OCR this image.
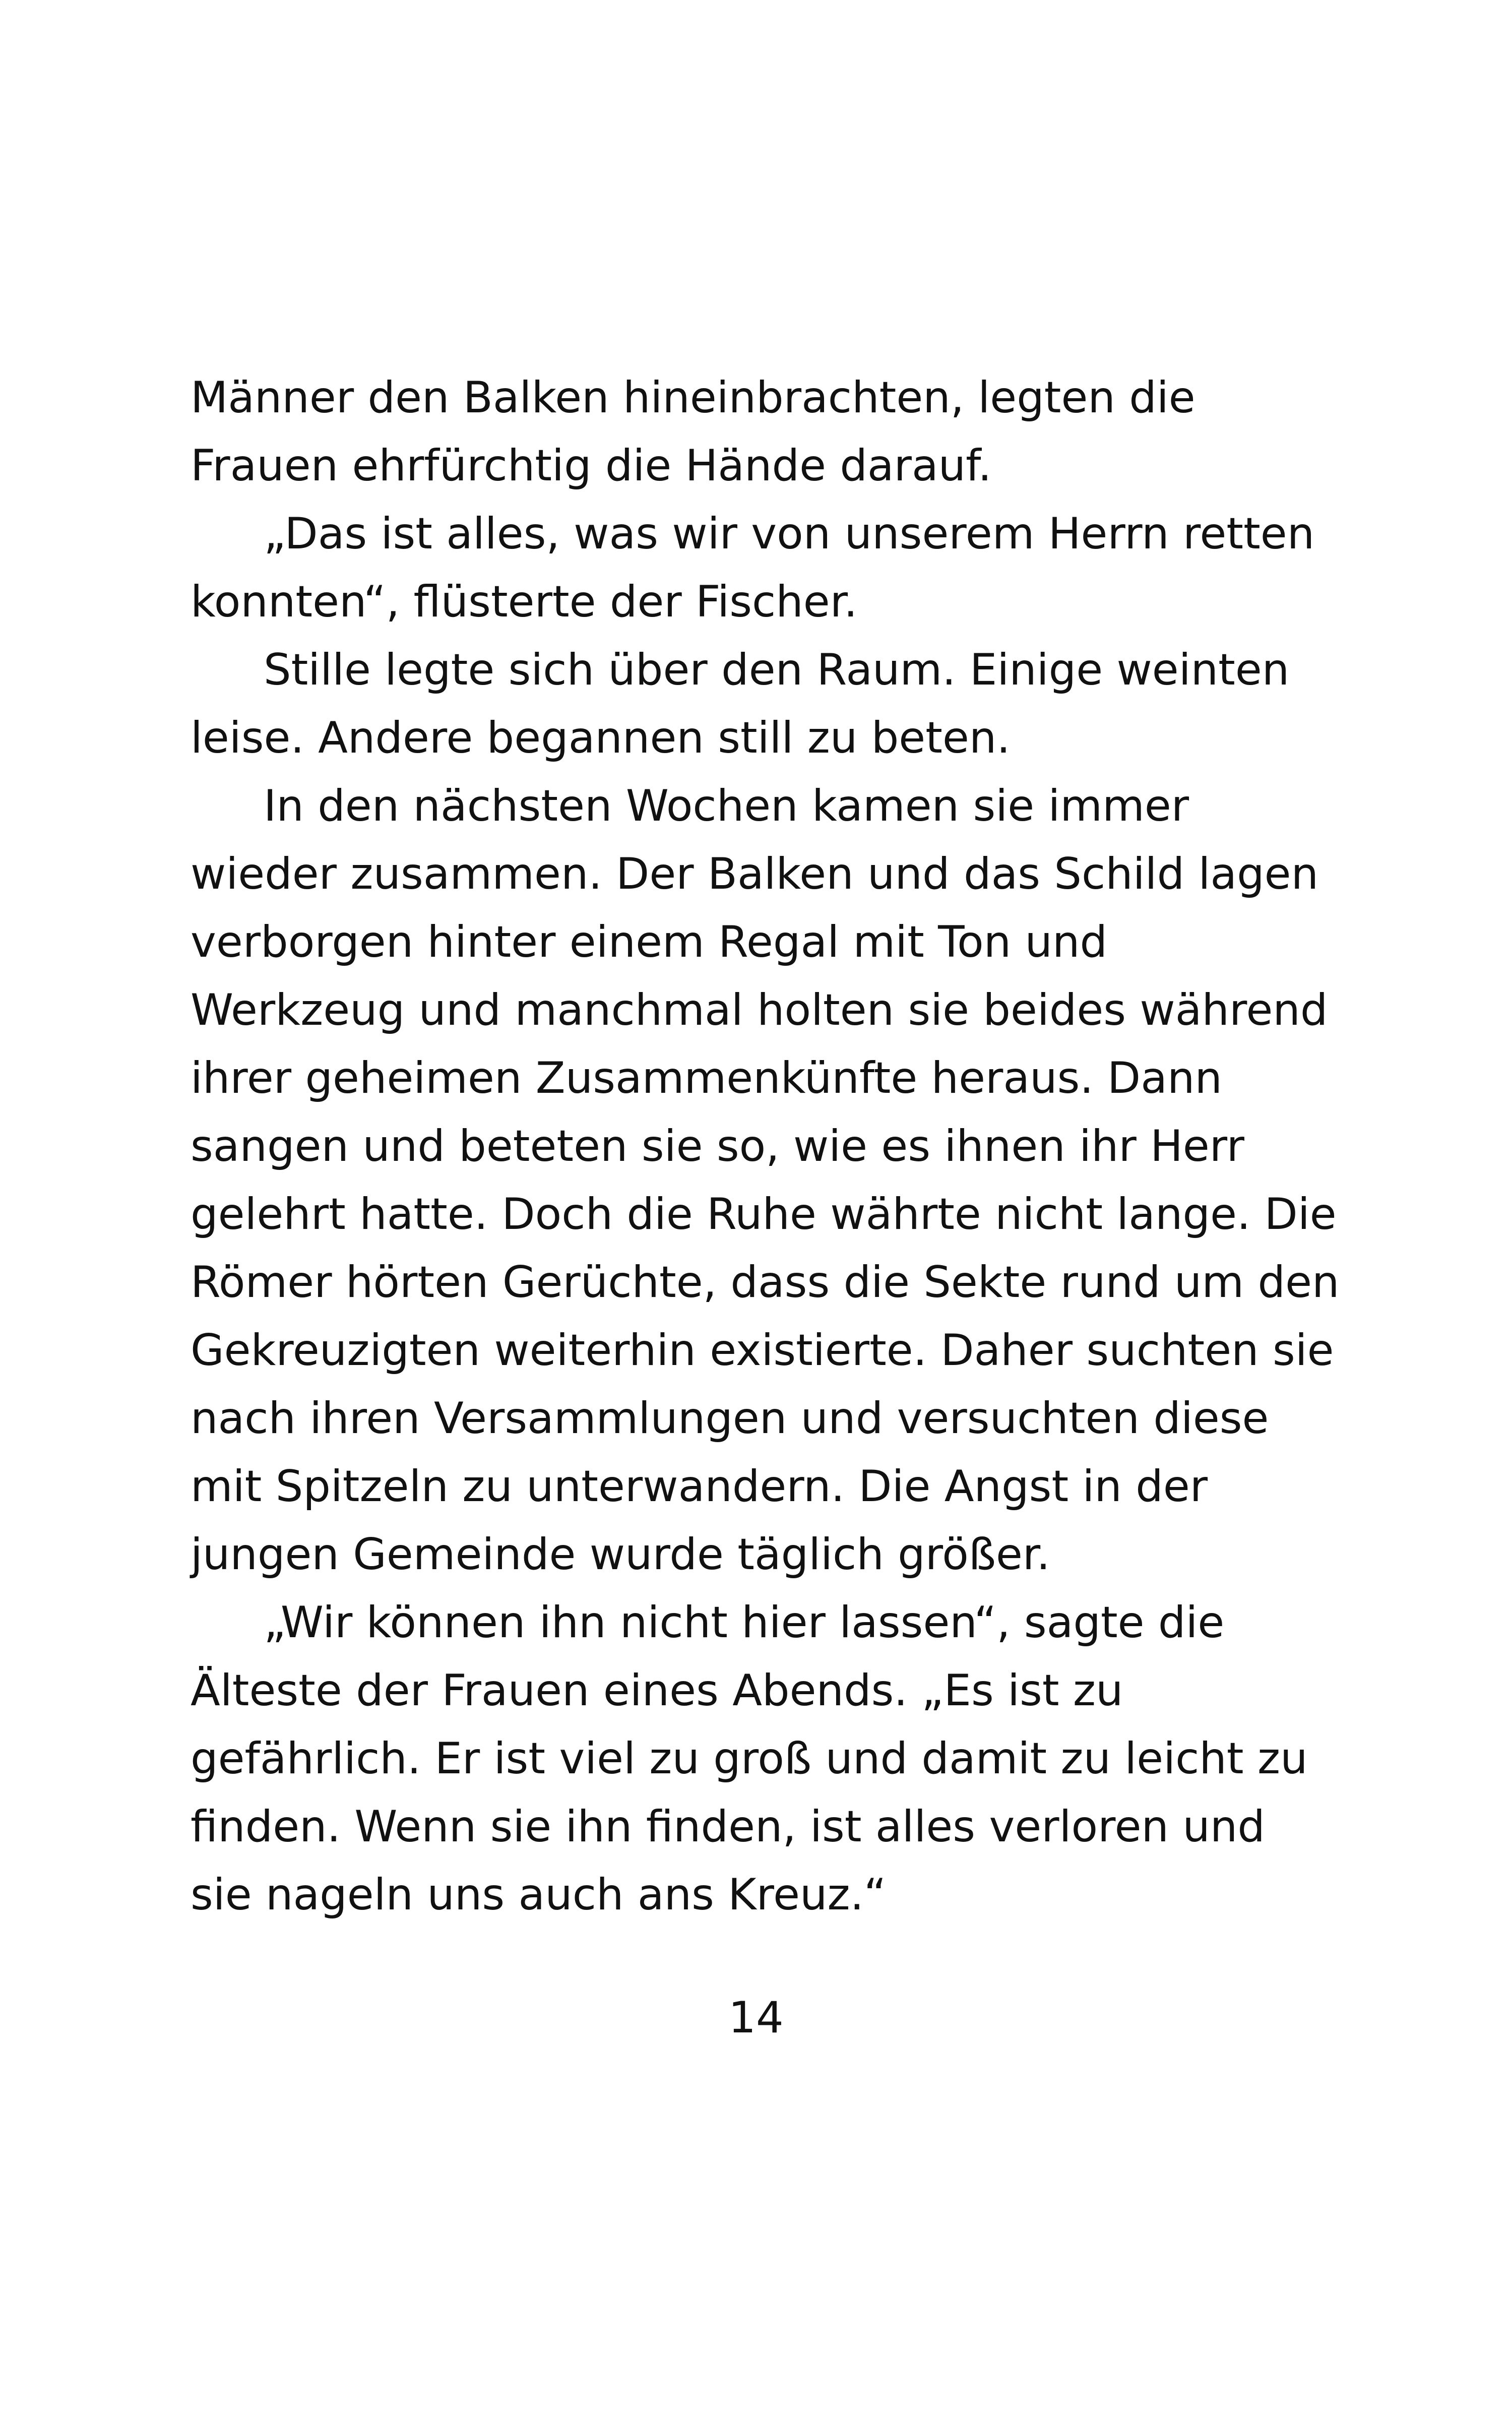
Männer den Balken hineinbrachten, legten die
Frauen ehrfürchtig die Hände darauf.
„Das ist alles, was wir von unserem Herrn retten
konnten“, flüsterte der Fischer.
Stille legte sich über den Raum. Einige weinten
leise. Andere begannen still zu beten.
In den nächsten Wochen kamen sie immer
wieder zusammen. Der Balken und das Schild lagen
verborgen hinter einem Regal mit Ton und
Werkzeug und manchmal holten sie beides während
ihrer geheimen Zusammenkünfte heraus. Dann
sangen und beteten sie so, wie es ihnen ihr Herr
gelehrt hatte. Doch die Ruhe währte nicht lange. Die
Römer hörten Gerüchte, dass die Sekte rund um den
Gekreuzigten weiterhin existierte. Daher suchten sie
nach ihren Versammlungen und versuchten diese
mit Spitzeln zu unterwandern. Die Angst in der
jungen Gemeinde wurde täglich größer.
„Wir können ihn nicht hier lassen“, sagte die
Älteste der Frauen eines Abends. „Es ist zu
gefährlich. Er ist viel zu groß und damit zu leicht zu
finden. Wenn sie ihn finden, ist alles verloren und
sie nageln uns auch ans Kreuz.“
14
